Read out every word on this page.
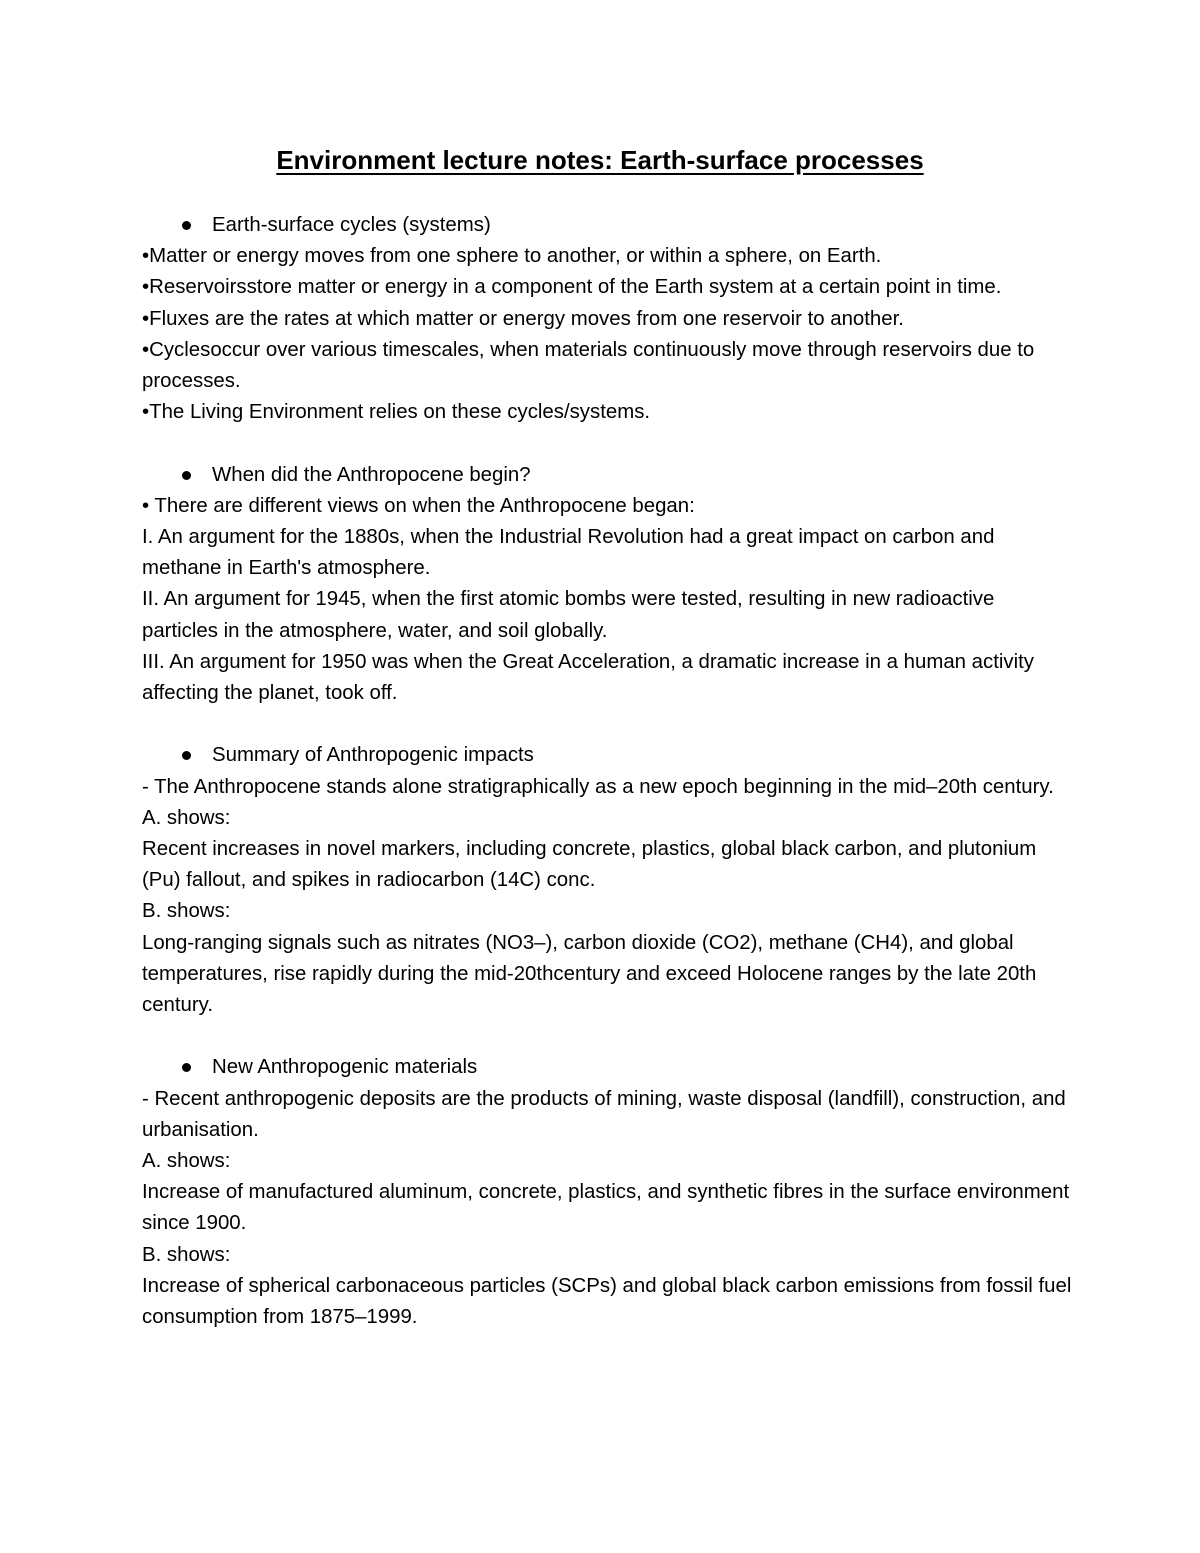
Environment lecture notes: Earth-surface processes

Earth-surface cycles (systems)

•Matter or energy moves from one sphere to another, or within a sphere, on Earth.

•Reservoirsstore matter or energy in a component of the Earth system at a certain point in time.

•Fluxes are the rates at which matter or energy moves from one reservoir to another.

•Cyclesoccur over various timescales, when materials continuously move through reservoirs due to processes.

•The Living Environment relies on these cycles/systems.

When did the Anthropocene begin?

• There are different views on when the Anthropocene began:

I. An argument for the 1880s, when the Industrial Revolution had a great impact on carbon and methane in Earth's atmosphere.

II. An argument for 1945, when the first atomic bombs were tested, resulting in new radioactive particles in the atmosphere, water, and soil globally.

III. An argument for 1950 was when the Great Acceleration, a dramatic increase in a human activity affecting the planet, took off.

Summary of Anthropogenic impacts

- The Anthropocene stands alone stratigraphically as a new epoch beginning in the mid–20th century.

A. shows:

Recent increases in novel markers, including concrete, plastics, global black carbon, and plutonium (Pu) fallout, and spikes in radiocarbon (14C) conc.

B. shows:

Long-ranging signals such as nitrates (NO3–), carbon dioxide (CO2), methane (CH4), and global temperatures, rise rapidly during the mid-20thcentury and exceed Holocene ranges by the late 20th century.

New Anthropogenic materials

- Recent anthropogenic deposits are the products of mining, waste disposal (landfill), construction, and urbanisation.

A. shows:

Increase of manufactured aluminum, concrete, plastics, and synthetic fibres in the surface environment since 1900.

B. shows:

Increase of spherical carbonaceous particles (SCPs) and global black carbon emissions from fossil fuel consumption from 1875–1999.
